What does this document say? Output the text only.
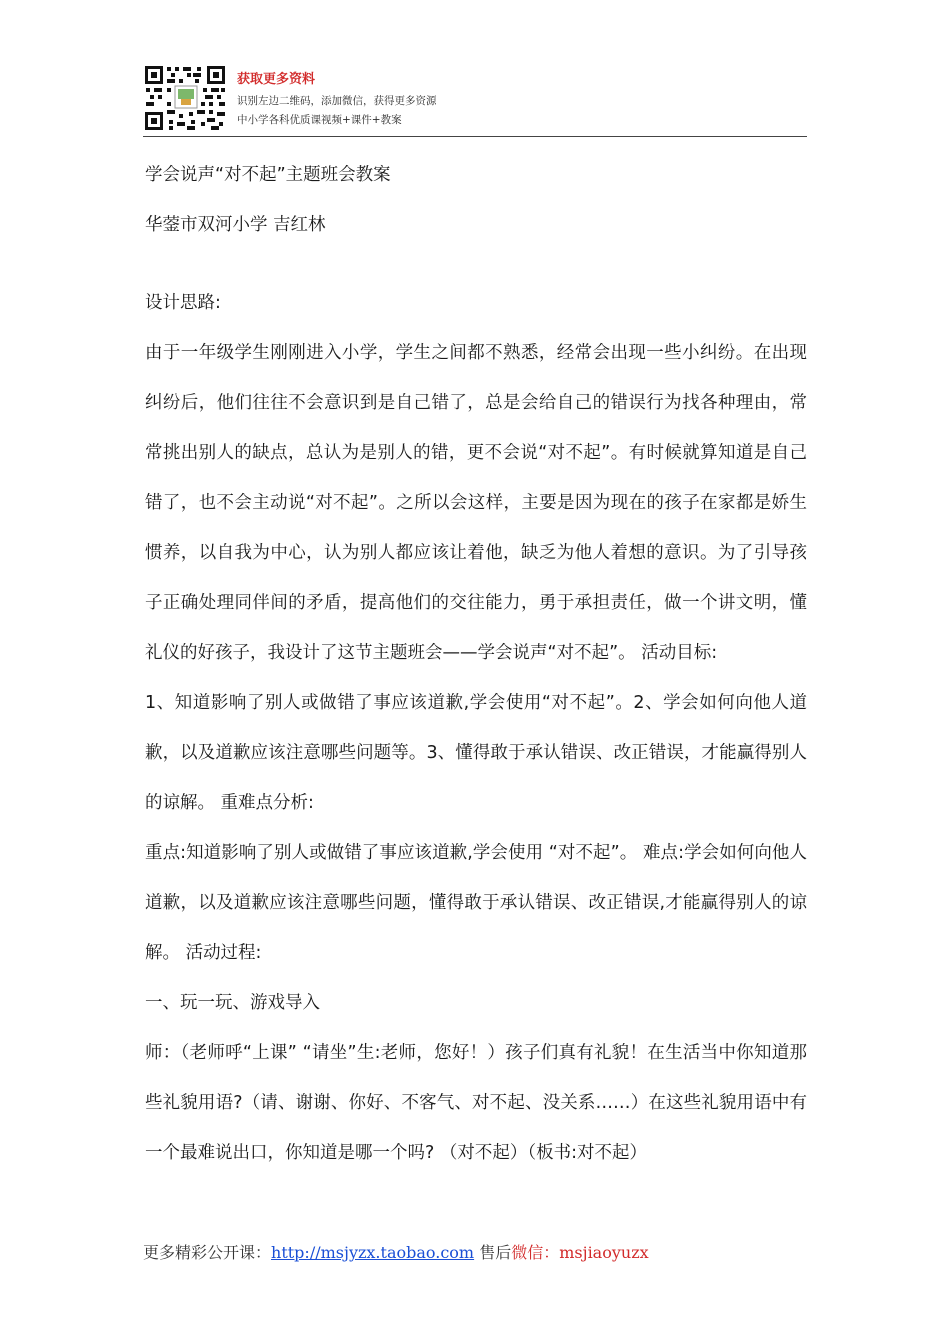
获取更多资料
识别左边二维码，添加微信，获得更多资源
中小学各科优质课视频+课件+教案

学会说声“对不起”主题班会教案

华蓥市双河小学 吉红林

设计思路:

由于一年级学生刚刚进入小学，学生之间都不熟悉，经常会出现一些小纠纷。在出现纠纷后，他们往往不会意识到是自己错了，总是会给自己的错误行为找各种理由，常常挑出别人的缺点，总认为是别人的错，更不会说“对不起”。有时候就算知道是自己错了，也不会主动说“对不起”。之所以会这样，主要是因为现在的孩子在家都是娇生惯养，以自我为中心，认为别人都应该让着他，缺乏为他人着想的意识。为了引导孩子正确处理同伴间的矛盾，提高他们的交往能力，勇于承担责任，做一个讲文明，懂礼仪的好孩子，我设计了这节主题班会——学会说声“对不起”。 活动目标:

1、知道影响了别人或做错了事应该道歉,学会使用“对不起”。2、学会如何向他人道歉，以及道歉应该注意哪些问题等。3、懂得敢于承认错误、改正错误，才能赢得别人的谅解。 重难点分析:

重点:知道影响了别人或做错了事应该道歉,学会使用 “对不起”。 难点:学会如何向他人道歉，以及道歉应该注意哪些问题，懂得敢于承认错误、改正错误,才能赢得别人的谅解。 活动过程:

一、玩一玩、游戏导入

师：（老师呼“上课” “请坐”生:老师，您好！）孩子们真有礼貌！在生活当中你知道那些礼貌用语?（请、谢谢、你好、不客气、对不起、没关系……）在这些礼貌用语中有一个最难说出口，你知道是哪一个吗? （对不起）（板书:对不起）

更多精彩公开课：http://msjyzx.taobao.com 售后微信：msjiaoyuzx
